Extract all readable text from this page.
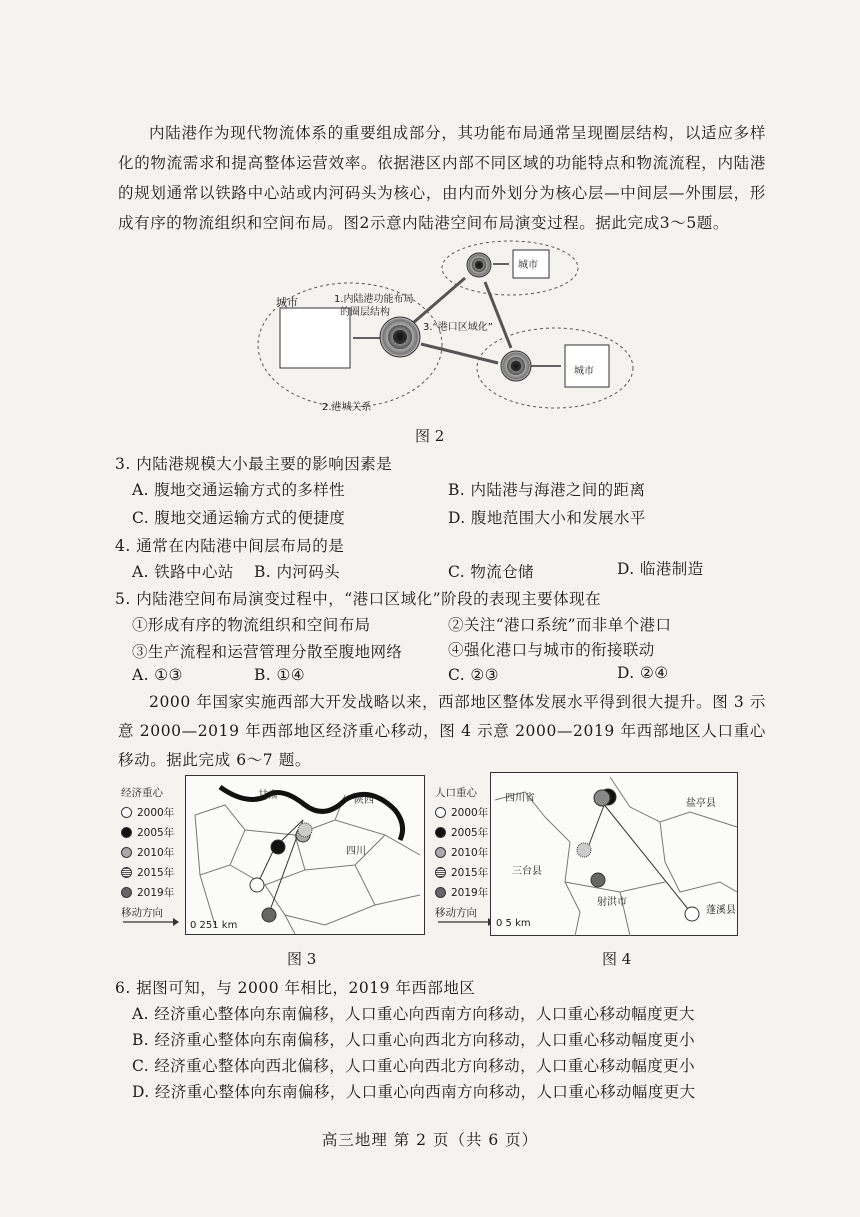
内陆港作为现代物流体系的重要组成部分，其功能布局通常呈现圈层结构，以适应多样化的物流需求和提高整体运营效率。依据港区内部不同区域的功能特点和物流流程，内陆港的规划通常以铁路中心站或内河码头为核心，由内而外划分为核心层—中间层—外围层，形成有序的物流组织和空间布局。图2示意内陆港空间布局演变过程。据此完成3～5题。

城市
城市
城市
1.内陆港功能布局
的圈层结构
2.港城关系
3.“港口区域化”
图 2
3. 内陆港规模大小最主要的影响因素是
A. 腹地交通运输方式的多样性	B. 内陆港与海港之间的距离
C. 腹地交通运输方式的便捷度	D. 腹地范围大小和发展水平
4. 通常在内陆港中间层布局的是
A. 铁路中心站 B. 内河码头	C. 物流仓储	D. 临港制造
5. 内陆港空间布局演变过程中，“港口区域化”阶段的表现主要体现在
①形成有序的物流组织和空间布局	②关注“港口系统”而非单个港口
③生产流程和运营管理分散至腹地网络	④强化港口与城市的衔接联动
A. ①③	B. ①④	C. ②③	D. ②④

2000 年国家实施西部大开发战略以来，西部地区整体发展水平得到很大提升。图 3 示意 2000—2019 年西部地区经济重心移动，图 4 示意 2000—2019 年西部地区人口重心移动。据此完成 6～7 题。

经济重心
2000年
2005年
2010年
2015年
2019年
移动方向
甘肃	陕西
四川
0 251 km
图 3
人口重心
2000年
2005年
2010年
2015年
2019年
移动方向
四川省	盐亭县
三台县
射洪市
蓬溪县
0 5 km
图 4
6. 据图可知，与 2000 年相比，2019 年西部地区
A. 经济重心整体向东南偏移，人口重心向西南方向移动，人口重心移动幅度更大
B. 经济重心整体向东南偏移，人口重心向西北方向移动，人口重心移动幅度更小
C. 经济重心整体向西北偏移，人口重心向西北方向移动，人口重心移动幅度更小
D. 经济重心整体向东南偏移，人口重心向西南方向移动，人口重心移动幅度更大
高三地理 第 2 页（共 6 页）
